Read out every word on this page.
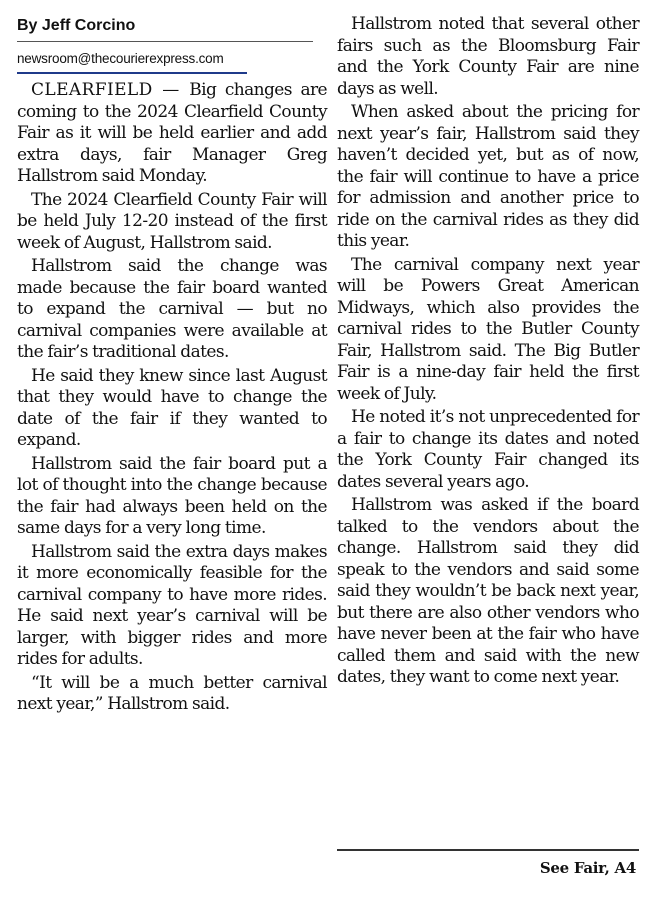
By Jeff Corcino
newsroom@thecourierexpress.com

CLEARFIELD — Big changes are coming to the 2024 Clearfield County Fair as it will be held earlier and add extra days, fair Manager Greg Hallstrom said Monday.

The 2024 Clearfield County Fair will be held July 12-20 instead of the first week of August, Hallstrom said.

Hallstrom said the change was made because the fair board wanted to expand the carnival — but no carnival companies were available at the fair’s traditional dates.

He said they knew since last August that they would have to change the date of the fair if they wanted to expand.

Hallstrom said the fair board put a lot of thought into the change because the fair had always been held on the same days for a very long time.

Hallstrom said the extra days makes it more economically feasible for the carnival company to have more rides. He said next year’s carnival will be larger, with bigger rides and more rides for adults.

“It will be a much better carnival next year,” Hallstrom said.

Hallstrom noted that several other fairs such as the Bloomsburg Fair and the York County Fair are nine days as well.

When asked about the pricing for next year’s fair, Hallstrom said they haven’t decided yet, but as of now, the fair will continue to have a price for admission and another price to ride on the carnival rides as they did this year.

The carnival company next year will be Powers Great American Midways, which also provides the carnival rides to the Butler County Fair, Hallstrom said. The Big Butler Fair is a nine-day fair held the first week of July.

He noted it’s not unprecedented for a fair to change its dates and noted the York County Fair changed its dates several years ago.

Hallstrom was asked if the board talked to the vendors about the change. Hallstrom said they did speak to the vendors and said some said they wouldn’t be back next year, but there are also other vendors who have never been at the fair who have called them and said with the new dates, they want to come next year.

See Fair, A4
